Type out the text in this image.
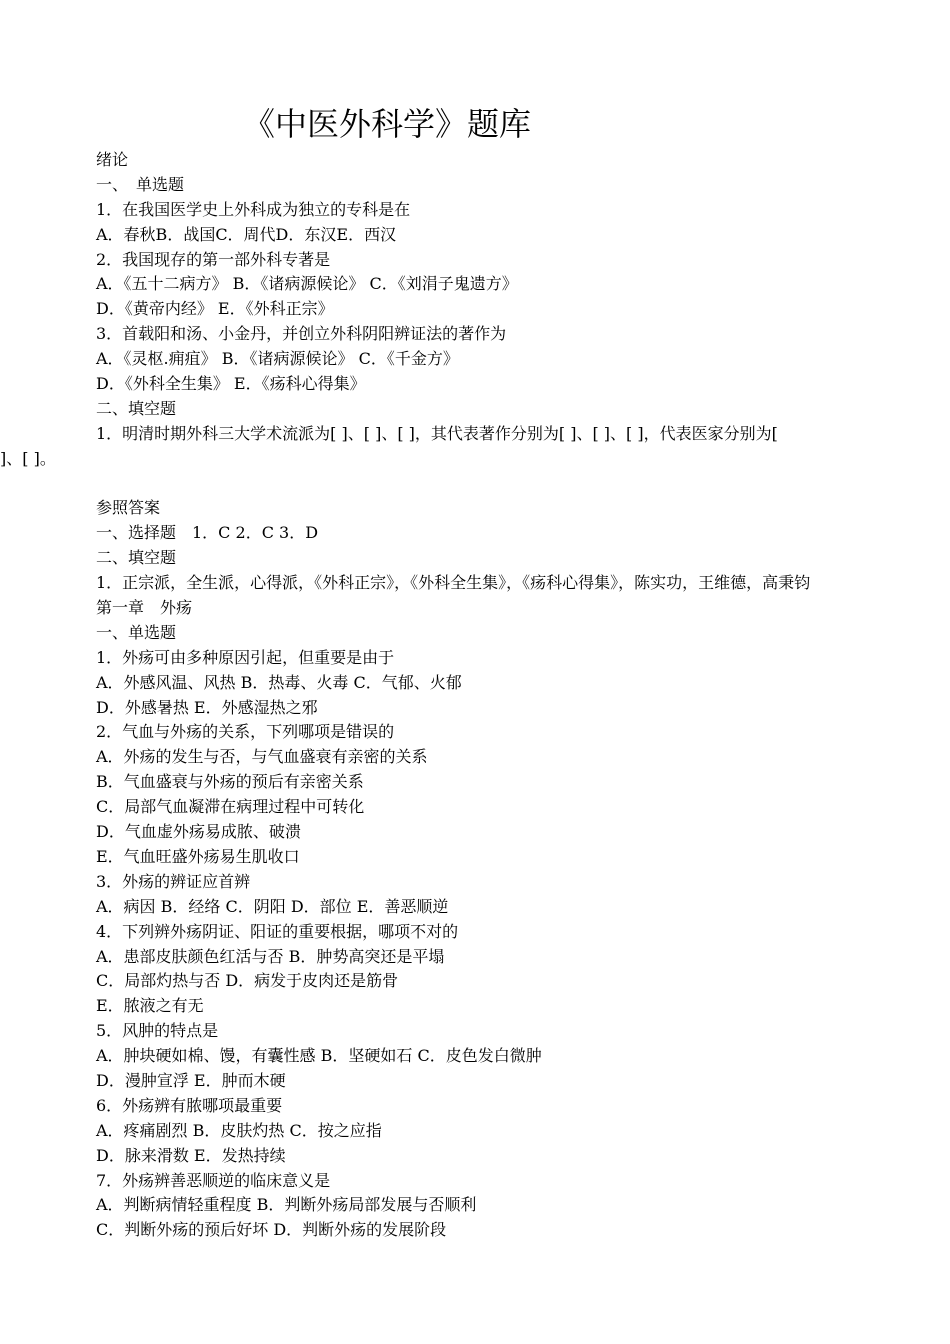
《中医外科学》题库
绪论
一、　单选题
1．在我国医学史上外科成为独立的专科是在
A．春秋B．战国C．周代D．东汉E．西汉
2．我国现存的第一部外科专著是
A．《五十二病方》 B．《诸病源候论》 C．《刘涓子鬼遗方》
D．《黄帝内经》 E．《外科正宗》
3．首载阳和汤、小金丹，并创立外科阴阳辨证法的著作为
A．《灵枢.痈疽》 B．《诸病源候论》 C．《千金方》
D．《外科全生集》 E．《疡科心得集》
二、填空题
1．明清时期外科三大学术流派为[ ]、[ ]、[ ]，其代表著作分别为[ ]、[ ]、[ ]，代表医家分别为[
]、[ ]。
参照答案
一、选择题　1．C 2．C 3．D
二、填空题
1．正宗派，全生派，心得派，《外科正宗》，《外科全生集》，《疡科心得集》，陈实功，王维德，高秉钧
第一章　外疡
一、单选题
1．外疡可由多种原因引起，但重要是由于
A．外感风温、风热 B．热毒、火毒 C．气郁、火郁
D．外感暑热 E．外感湿热之邪
2．气血与外疡的关系，下列哪项是错误的
A．外疡的发生与否，与气血盛衰有亲密的关系
B．气血盛衰与外疡的预后有亲密关系
C．局部气血凝滞在病理过程中可转化
D．气血虚外疡易成脓、破溃
E．气血旺盛外疡易生肌收口
3．外疡的辨证应首辨
A．病因 B．经络 C．阴阳 D．部位 E．善恶顺逆
4．下列辨外疡阴证、阳证的重要根据，哪项不对的
A．患部皮肤颜色红活与否 B．肿势高突还是平塌
C．局部灼热与否 D．病发于皮肉还是筋骨
E．脓液之有无
5．风肿的特点是
A．肿块硬如棉、馒，有囊性感 B．坚硬如石 C．皮色发白微肿
D．漫肿宣浮 E．肿而木硬
6．外疡辨有脓哪项最重要
A．疼痛剧烈 B．皮肤灼热 C．按之应指
D．脉来滑数 E．发热持续
7．外疡辨善恶顺逆的临床意义是
A．判断病情轻重程度 B．判断外疡局部发展与否顺利
C．判断外疡的预后好坏 D．判断外疡的发展阶段
